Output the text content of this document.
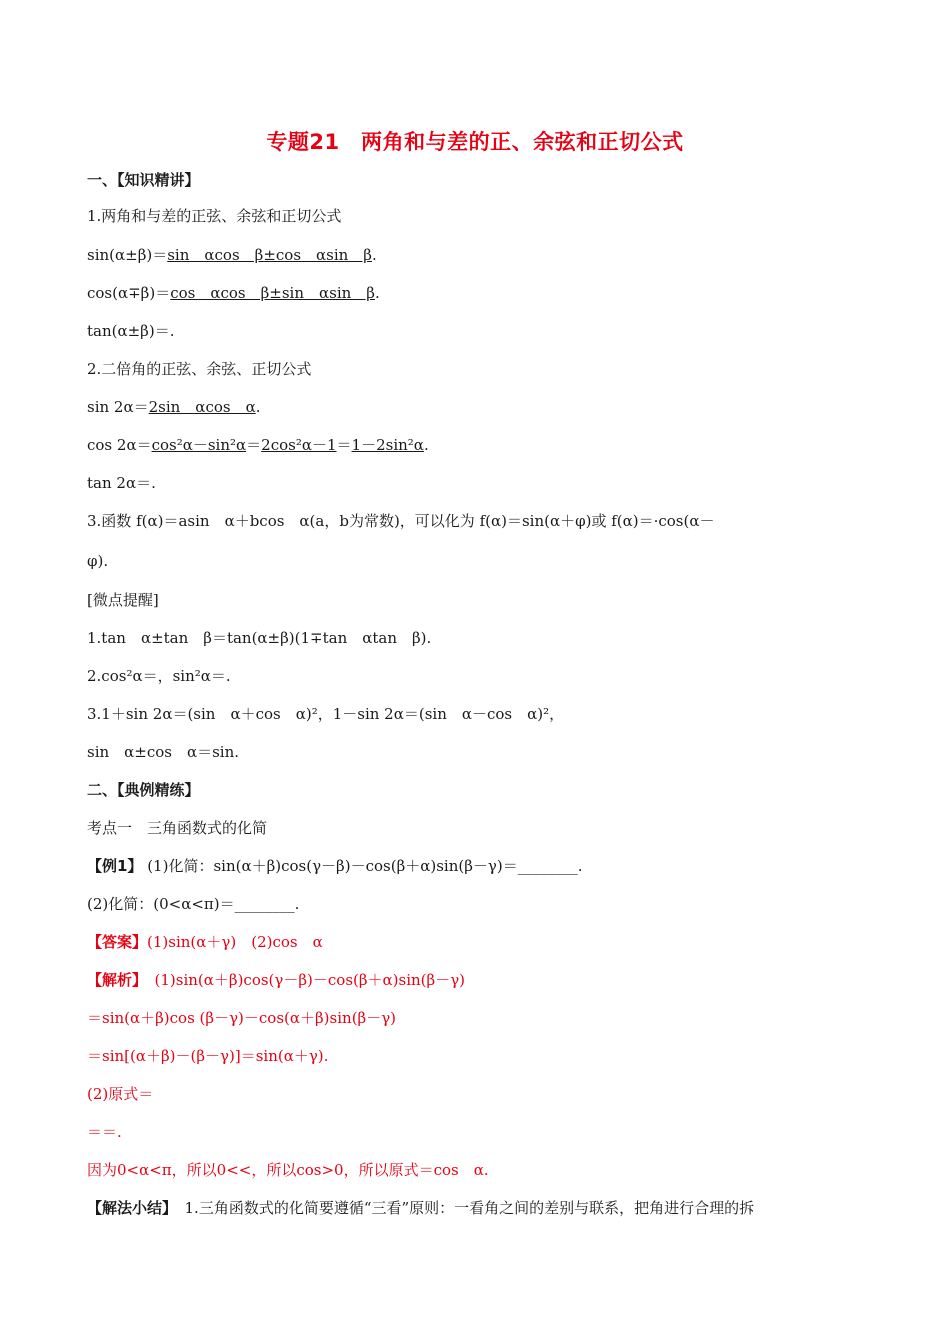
专题21　两角和与差的正、余弦和正切公式
一、【知识精讲】
1.两角和与差的正弦、余弦和正切公式
sin(α±β)＝sin　αcos　β±cos　αsin　β.
cos(α∓β)＝cos　αcos　β±sin　αsin　β.
tan(α±β)＝.
2.二倍角的正弦、余弦、正切公式
sin 2α＝2sin　αcos　α.
cos 2α＝cos²α－sin²α＝2cos²α－1＝1－2sin²α.
tan 2α＝.
3.函数 f(α)＝asin　α＋bcos　α(a，b为常数)，可以化为 f(α)＝sin(α＋φ)或 f(α)＝·cos(α－
φ).
[微点提醒]
1.tan　α±tan　β＝tan(α±β)(1∓tan　αtan　β).
2.cos²α＝，sin²α＝.
3.1＋sin 2α＝(sin　α＋cos　α)²，1－sin 2α＝(sin　α－cos　α)²，
sin　α±cos　α＝sin.
二、【典例精练】
考点一　三角函数式的化简
【例1】 (1)化简：sin(α＋β)cos(γ－β)－cos(β＋α)sin(β－γ)＝________.
(2)化简：(0<α<π)＝________.
【答案】(1)sin(α＋γ)　(2)cos　α
【解析】　(1)sin(α＋β)cos(γ－β)－cos(β＋α)sin(β－γ)
＝sin(α＋β)cos (β－γ)－cos(α＋β)sin(β－γ)
＝sin[(α＋β)－(β－γ)]＝sin(α＋γ).
(2)原式＝
＝＝.
因为0<α<π，所以0<<，所以cos>0，所以原式＝cos　α.
【解法小结】　1.三角函数式的化简要遵循“三看”原则：一看角之间的差别与联系，把角进行合理的拆
